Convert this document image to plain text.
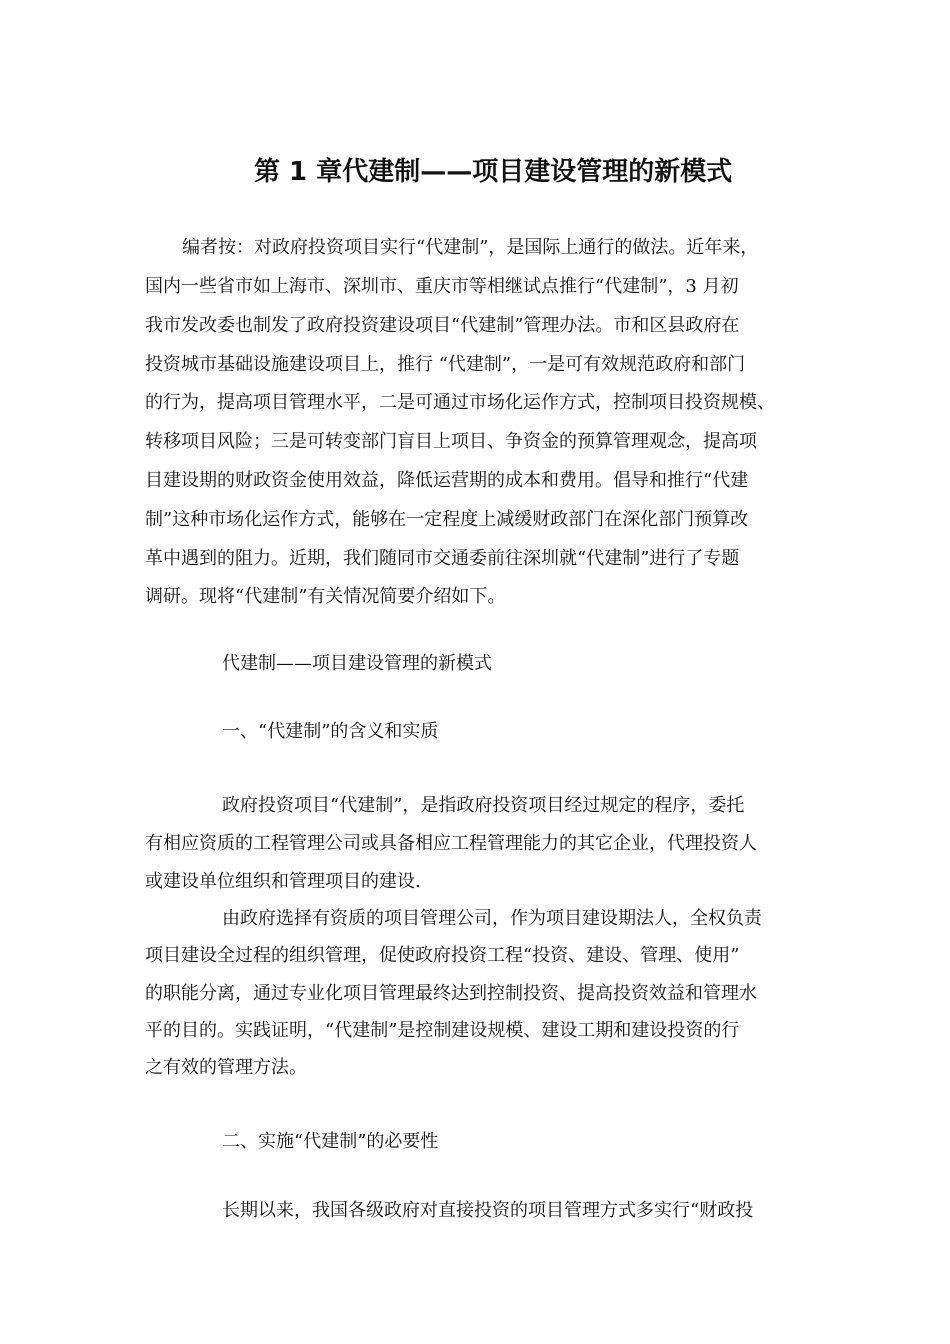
第 1 章代建制——项目建设管理的新模式

编者按：对政府投资项目实行“代建制”，是国际上通行的做法。近年来，

国内一些省市如上海市、深圳市、重庆市等相继试点推行“代建制”，3 月初

我市发改委也制发了政府投资建设项目“代建制”管理办法。市和区县政府在

投资城市基础设施建设项目上，推行 “代建制”，一是可有效规范政府和部门

的行为，提高项目管理水平，二是可通过市场化运作方式，控制项目投资规模、

转移项目风险；三是可转变部门盲目上项目、争资金的预算管理观念，提高项

目建设期的财政资金使用效益，降低运营期的成本和费用。倡导和推行“代建

制”这种市场化运作方式，能够在一定程度上减缓财政部门在深化部门预算改

革中遇到的阻力。近期，我们随同市交通委前往深圳就“代建制”进行了专题

调研。现将“代建制”有关情况简要介绍如下。

代建制——项目建设管理的新模式

一、“代建制”的含义和实质

政府投资项目“代建制”，是指政府投资项目经过规定的程序，委托

有相应资质的工程管理公司或具备相应工程管理能力的其它企业，代理投资人

或建设单位组织和管理项目的建设.

由政府选择有资质的项目管理公司，作为项目建设期法人，全权负责

项目建设全过程的组织管理，促使政府投资工程“投资、建设、管理、使用”

的职能分离，通过专业化项目管理最终达到控制投资、提高投资效益和管理水

平的目的。实践证明，“代建制”是控制建设规模、建设工期和建设投资的行

之有效的管理方法。

二、实施“代建制”的必要性

长期以来，我国各级政府对直接投资的项目管理方式多实行“财政投
